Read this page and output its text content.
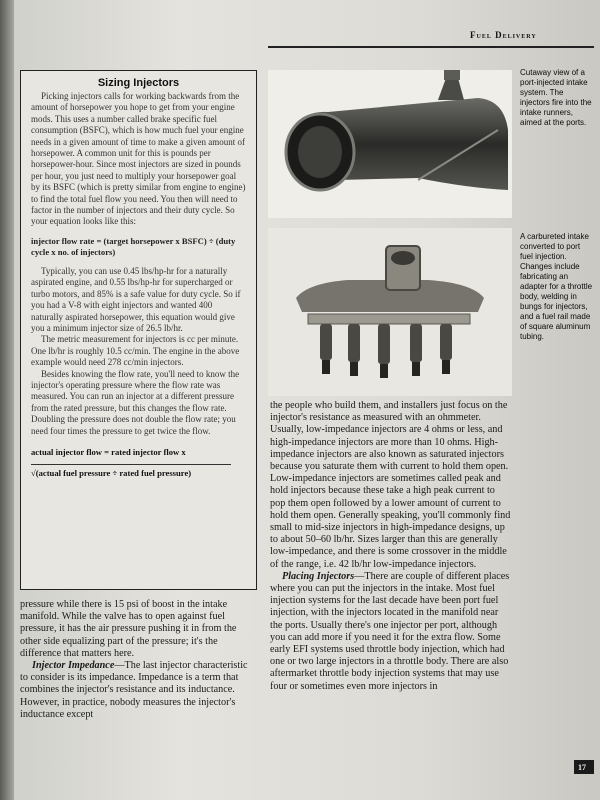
Fuel Delivery
Sizing Injectors

Picking injectors calls for working backwards from the amount of horsepower you hope to get from your engine mods. This uses a number called brake specific fuel consumption (BSFC), which is how much fuel your engine needs in a given amount of time to make a given amount of horsepower. A common unit for this is pounds per horsepower-hour. Since most injectors are sized in pounds per hour, you just need to multiply your horsepower goal by its BSFC (which is pretty similar from engine to engine) to find the total fuel flow you need. You then will need to factor in the number of injectors and their duty cycle. So your equation looks like this:

injector flow rate = (target horsepower x BSFC) ÷ (duty cycle x no. of injectors)

Typically, you can use 0.45 lbs/hp-hr for a naturally aspirated engine, and 0.55 lbs/hp-hr for supercharged or turbo motors, and 85% is a safe value for duty cycle. So if you had a V-8 with eight injectors and wanted 400 naturally aspirated horsepower, this equation would give you a minimum injector size of 26.5 lb/hr.

The metric measurement for injectors is cc per minute. One lb/hr is roughly 10.5 cc/min. The engine in the above example would need 278 cc/min injectors.

Besides knowing the flow rate, you'll need to know the injector's operating pressure where the flow rate was measured. You can run an injector at a different pressure from the rated pressure, but this changes the flow rate. Doubling the pressure does not double the flow rate; you need four times the pressure to get twice the flow.

actual injector flow = rated injector flow x
√(actual fuel pressure ÷ rated fuel pressure)
Cutaway view of a port-injected intake system. The injectors fire into the intake runners, aimed at the ports.
A carbureted intake converted to port fuel injection. Changes include fabricating an adapter for a throttle body, welding in bungs for injectors, and a fuel rail made of square aluminum tubing.

the people who build them, and installers just focus on the injector's resistance as measured with an ohmmeter. Usually, low-impedance injectors are 4 ohms or less, and high-impedance injectors are more than 10 ohms. High-impedance injectors are also known as saturated injectors because you saturate them with current to hold them open. Low-impedance injectors are sometimes called peak and hold injectors because these take a high peak current to pop them open followed by a lower amount of current to hold them open. Generally speaking, you'll commonly find small to mid-size injectors in high-impedance designs, up to about 50–60 lb/hr. Sizes larger than this are generally low-impedance, and there is some crossover in the middle of the range, i.e. 42 lb/hr low-impedance injectors.

Placing Injectors—There are couple of different places where you can put the injectors in the intake. Most fuel injection systems for the last decade have been port fuel injection, with the injectors located in the manifold near the ports. Usually there's one injector per port, although you can add more if you need it for the extra flow. Some early EFI systems used throttle body injection, which had one or two large injectors in a throttle body. There are also aftermarket throttle body injection systems that may use four or sometimes even more injectors in

pressure while there is 15 psi of boost in the intake manifold. While the valve has to open against fuel pressure, it has the air pressure pushing it in from the other side equalizing part of the pressure; it's the difference that matters here.

Injector Impedance—The last injector characteristic to consider is its impedance. Impedance is a term that combines the injector's resistance and its inductance. However, in practice, nobody measures the injector's inductance except

17
